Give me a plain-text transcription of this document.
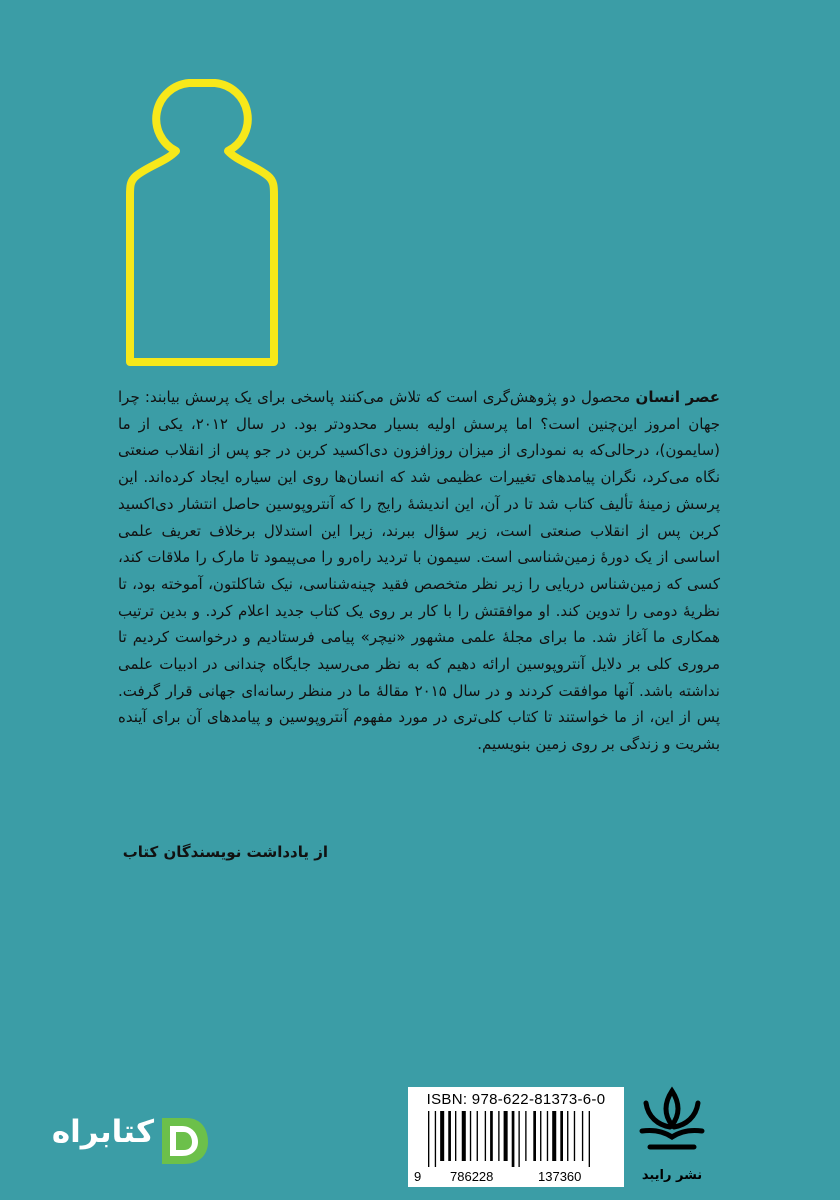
عصر انسان محصول دو پژوهش‌گری است که تلاش می‌کنند پاسخی برای یک پرسش بیابند: چرا جهان امروز این‌چنین است؟ اما پرسش اولیه بسیار محدودتر بود. در سال ۲۰۱۲، یکی از ما (سایمون)، درحالی‌که به نموداری از میزان روزافزون دی‌اکسید کربن در جو پس از انقلاب صنعتی نگاه می‌کرد، نگران پیامدهای تغییرات عظیمی شد که انسان‌ها روی این سیاره ایجاد کرده‌اند. این پرسش زمینهٔ تألیف کتاب شد تا در آن، این اندیشهٔ رایج را که آنتروپوسین حاصل انتشار دی‌اکسید کربن پس از انقلاب صنعتی است، زیر سؤال ببرند، زیرا این استدلال برخلاف تعریف علمی اساسی از یک دورهٔ زمین‌شناسی است. سیمون با تردید راه‌رو را می‌پیمود تا مارک را ملاقات کند، کسی که زمین‌شناس دریایی را زیر نظر متخصص فقید چینه‌شناسی، نیک شاکلتون، آموخته بود، تا نظریهٔ دومی را تدوین کند. او موافقتش را با کار بر روی یک کتاب جدید اعلام کرد. و بدین ترتیب همکاری ما آغاز شد. ما برای مجلهٔ علمی مشهور «نیچر» پیامی فرستادیم و درخواست کردیم تا مروری کلی بر دلایل آنتروپوسین ارائه دهیم که به نظر می‌رسید جایگاه چندانی در ادبیات علمی نداشته باشد. آنها موافقت کردند و در سال ۲۰۱۵ مقالهٔ ما در منظر رسانه‌ای جهانی قرار گرفت. پس از این، از ما خواستند تا کتاب کلی‌تری در مورد مفهوم آنتروپوسین و پیامدهای آن برای آینده بشریت و زندگی بر روی زمین بنویسیم.

از یادداشت نویسندگان کتاب
ISBN: 978-622-81373-6-0
9 786228	137360	نشر رایبد
کتابراه
